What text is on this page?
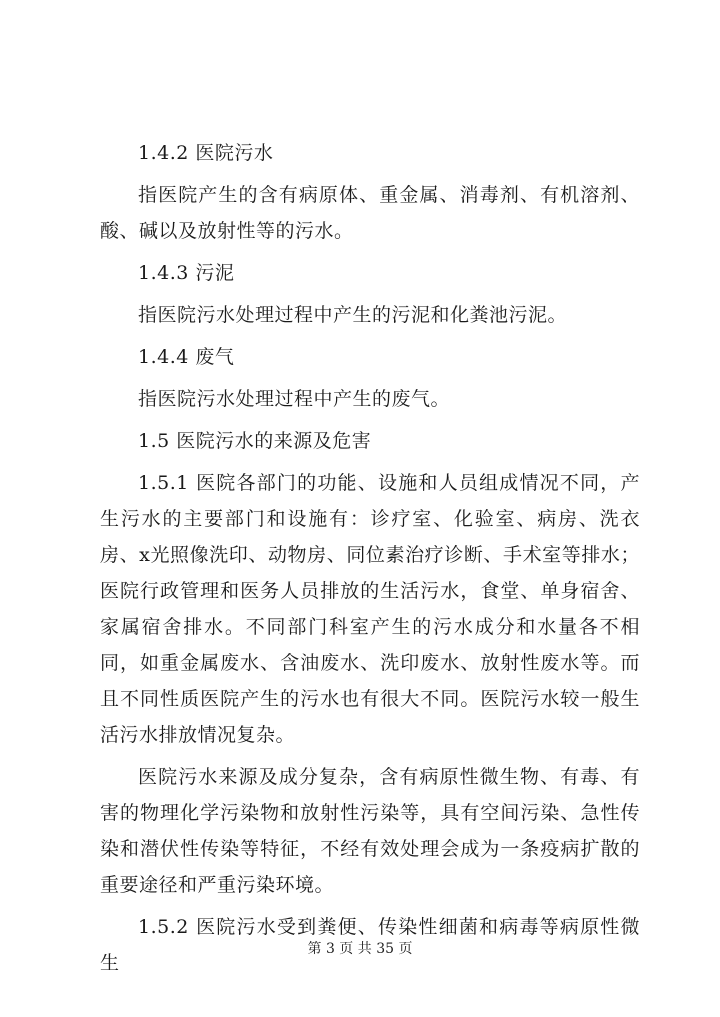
1.4.2 医院污水

指医院产生的含有病原体、重金属、消毒剂、有机溶剂、酸、碱以及放射性等的污水。

1.4.3 污泥

指医院污水处理过程中产生的污泥和化粪池污泥。

1.4.4 废气

指医院污水处理过程中产生的废气。

1.5 医院污水的来源及危害

1.5.1 医院各部门的功能、设施和人员组成情况不同，产生污水的主要部门和设施有：诊疗室、化验室、病房、洗衣房、x光照像洗印、动物房、同位素治疗诊断、手术室等排水；医院行政管理和医务人员排放的生活污水，食堂、单身宿舍、家属宿舍排水。不同部门科室产生的污水成分和水量各不相同，如重金属废水、含油废水、洗印废水、放射性废水等。而且不同性质医院产生的污水也有很大不同。医院污水较一般生活污水排放情况复杂。

医院污水来源及成分复杂，含有病原性微生物、有毒、有害的物理化学污染物和放射性污染等，具有空间污染、急性传染和潜伏性传染等特征，不经有效处理会成为一条疫病扩散的重要途径和严重污染环境。

1.5.2 医院污水受到粪便、传染性细菌和病毒等病原性微生

第 3 页 共 35 页
